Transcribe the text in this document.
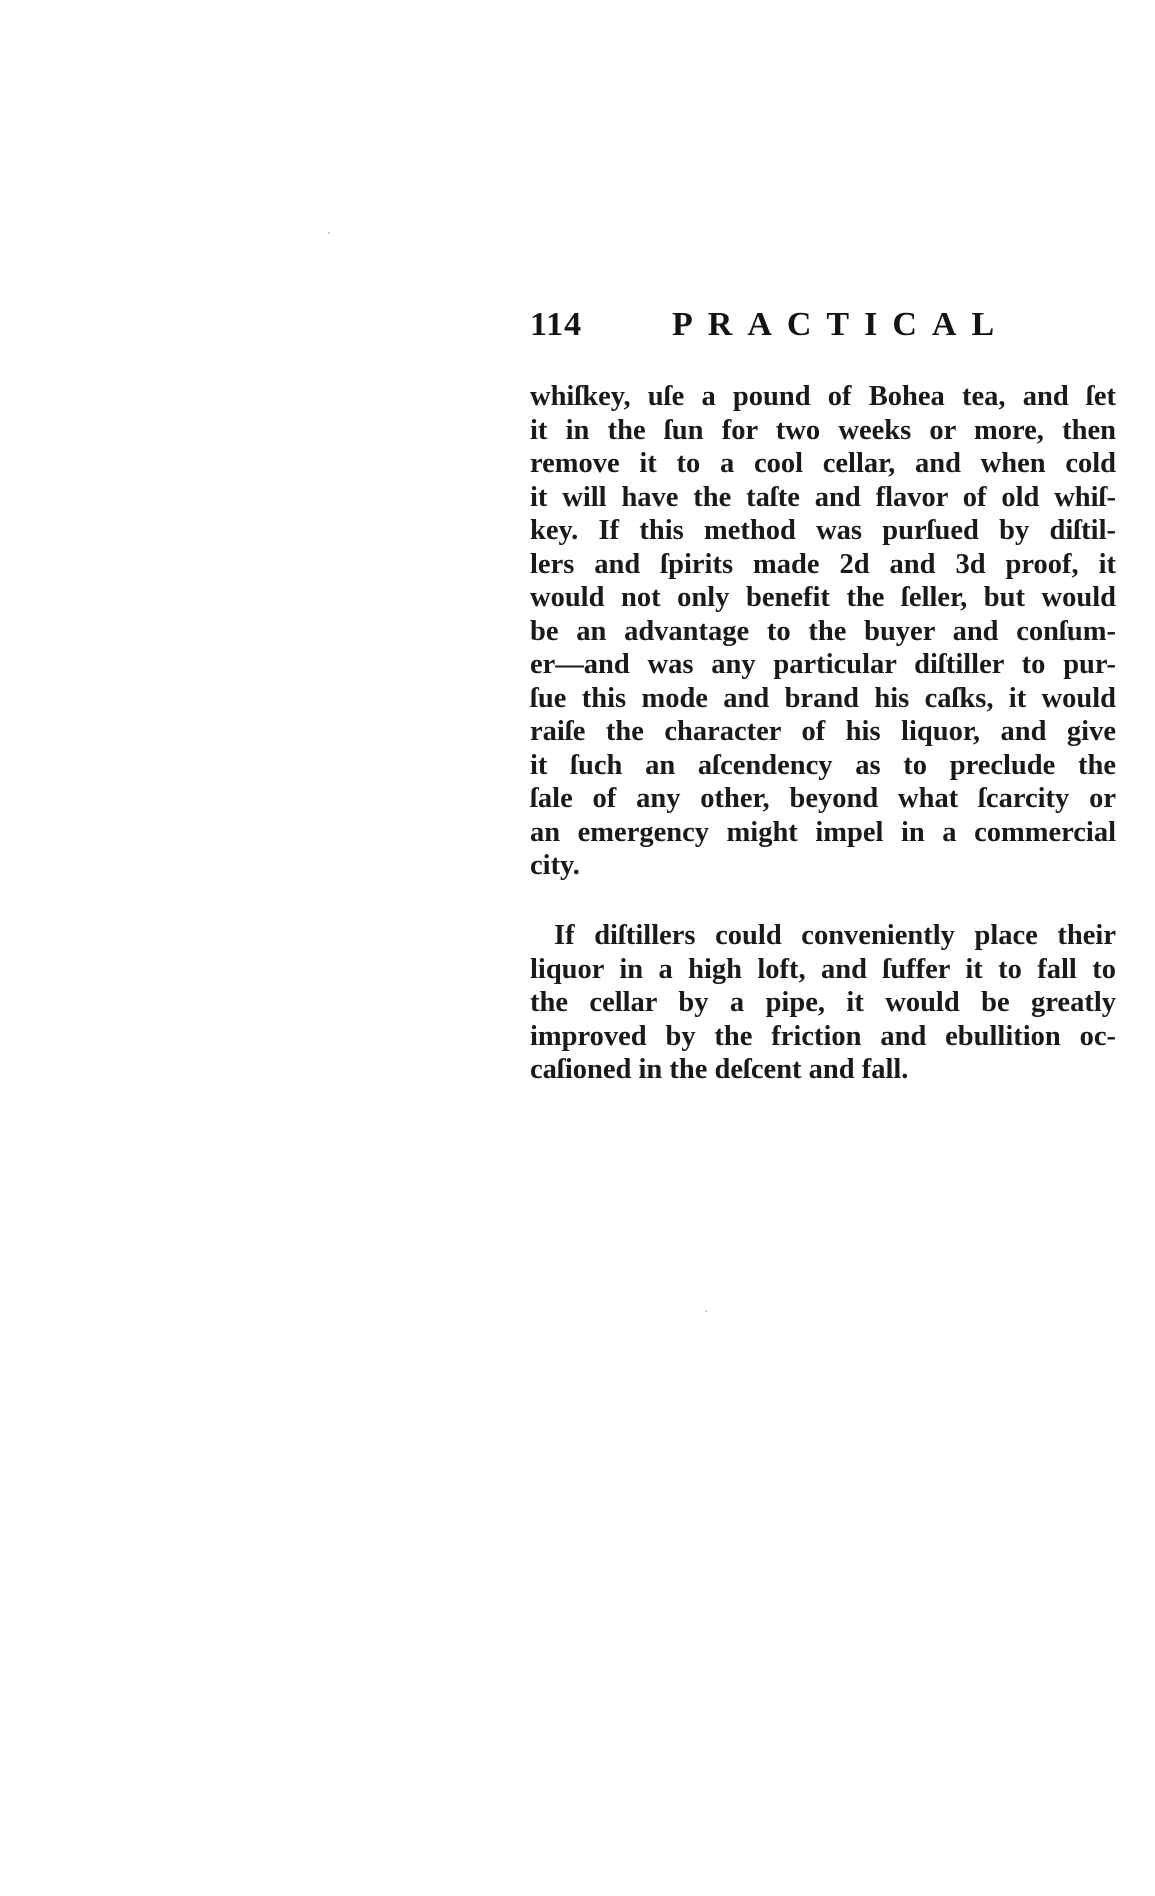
114	PRACTICAL
whiſkey, uſe a pound of Bohea tea, and ſet
it in the ſun for two weeks or more, then
remove it to a cool cellar, and when cold
it will have the taſte and flavor of old whiſ-
key. If this method was purſued by diſtil-
lers and ſpirits made 2d and 3d proof, it
would not only benefit the ſeller, but would
be an advantage to the buyer and conſum-
er—and was any particular diſtiller to pur-
ſue this mode and brand his caſks, it would
raiſe the character of his liquor, and give
it ſuch an aſcendency as to preclude the
ſale of any other, beyond what ſcarcity or
an emergency might impel in a commercial
city.
If diſtillers could conveniently place their
liquor in a high loft, and ſuffer it to fall to
the cellar by a pipe, it would be greatly
improved by the friction and ebullition oc-
caſioned in the deſcent and fall.
